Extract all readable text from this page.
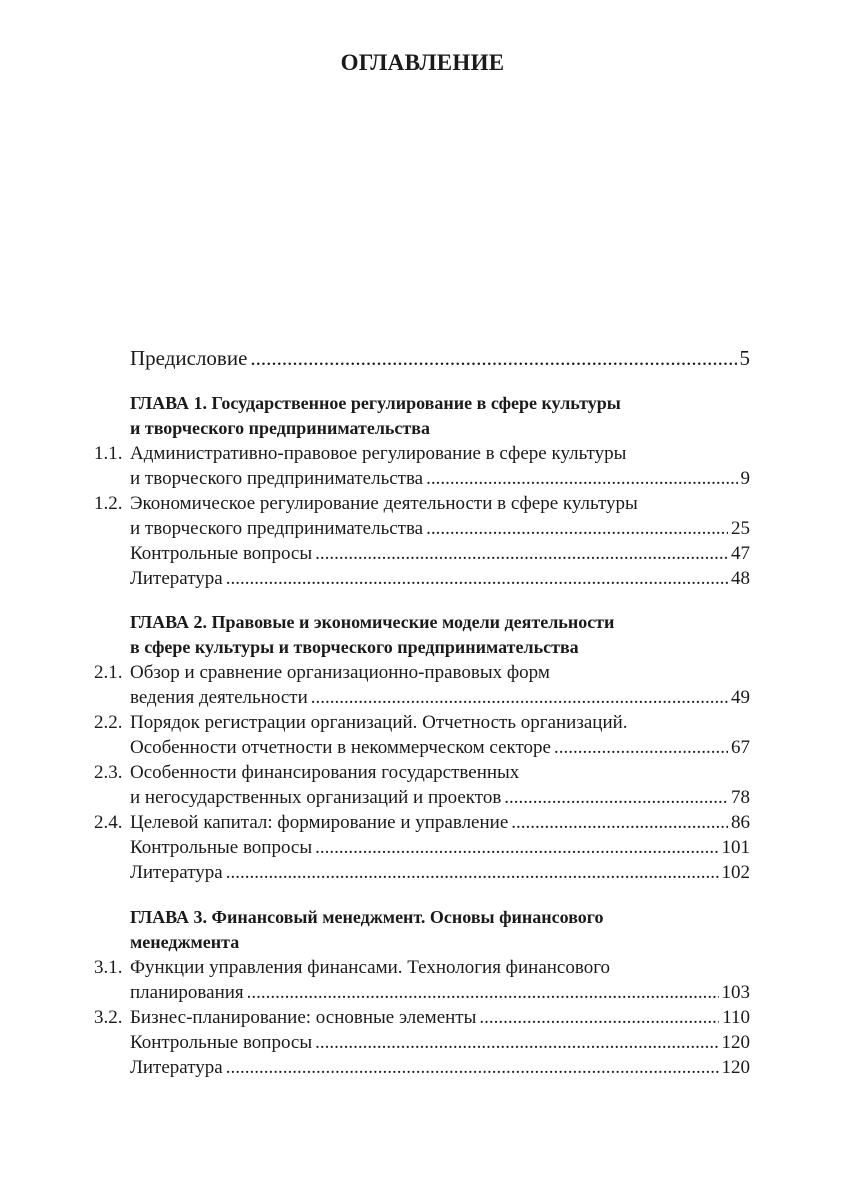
ОГЛАВЛЕНИЕ
Предисловие .....	5
ГЛАВА 1. Государственное регулирование в сфере культуры
и творческого предпринимательства
1.1. Административно-правовое регулирование в сфере культуры
и творческого предпринимательства .....	9
1.2. Экономическое регулирование деятельности в сфере культуры
и творческого предпринимательства .....	25
Контрольные вопросы .....	47
Литература .....	48
ГЛАВА 2. Правовые и экономические модели деятельности
в сфере культуры и творческого предпринимательства
2.1. Обзор и сравнение организационно-правовых форм
ведения деятельности .....	49
2.2. Порядок регистрации организаций. Отчетность организаций.
Особенности отчетности в некоммерческом секторе .....	67
2.3. Особенности финансирования государственных
и негосударственных организаций и проектов .....	78
2.4. Целевой капитал: формирование и управление .....	86
Контрольные вопросы .....	101
Литература .....	102
ГЛАВА 3. Финансовый менеджмент. Основы финансового
менеджмента
3.1. Функции управления финансами. Технология финансового
планирования .....	103
3.2. Бизнес-планирование: основные элементы .....	110
Контрольные вопросы .....	120
Литература .....	120
